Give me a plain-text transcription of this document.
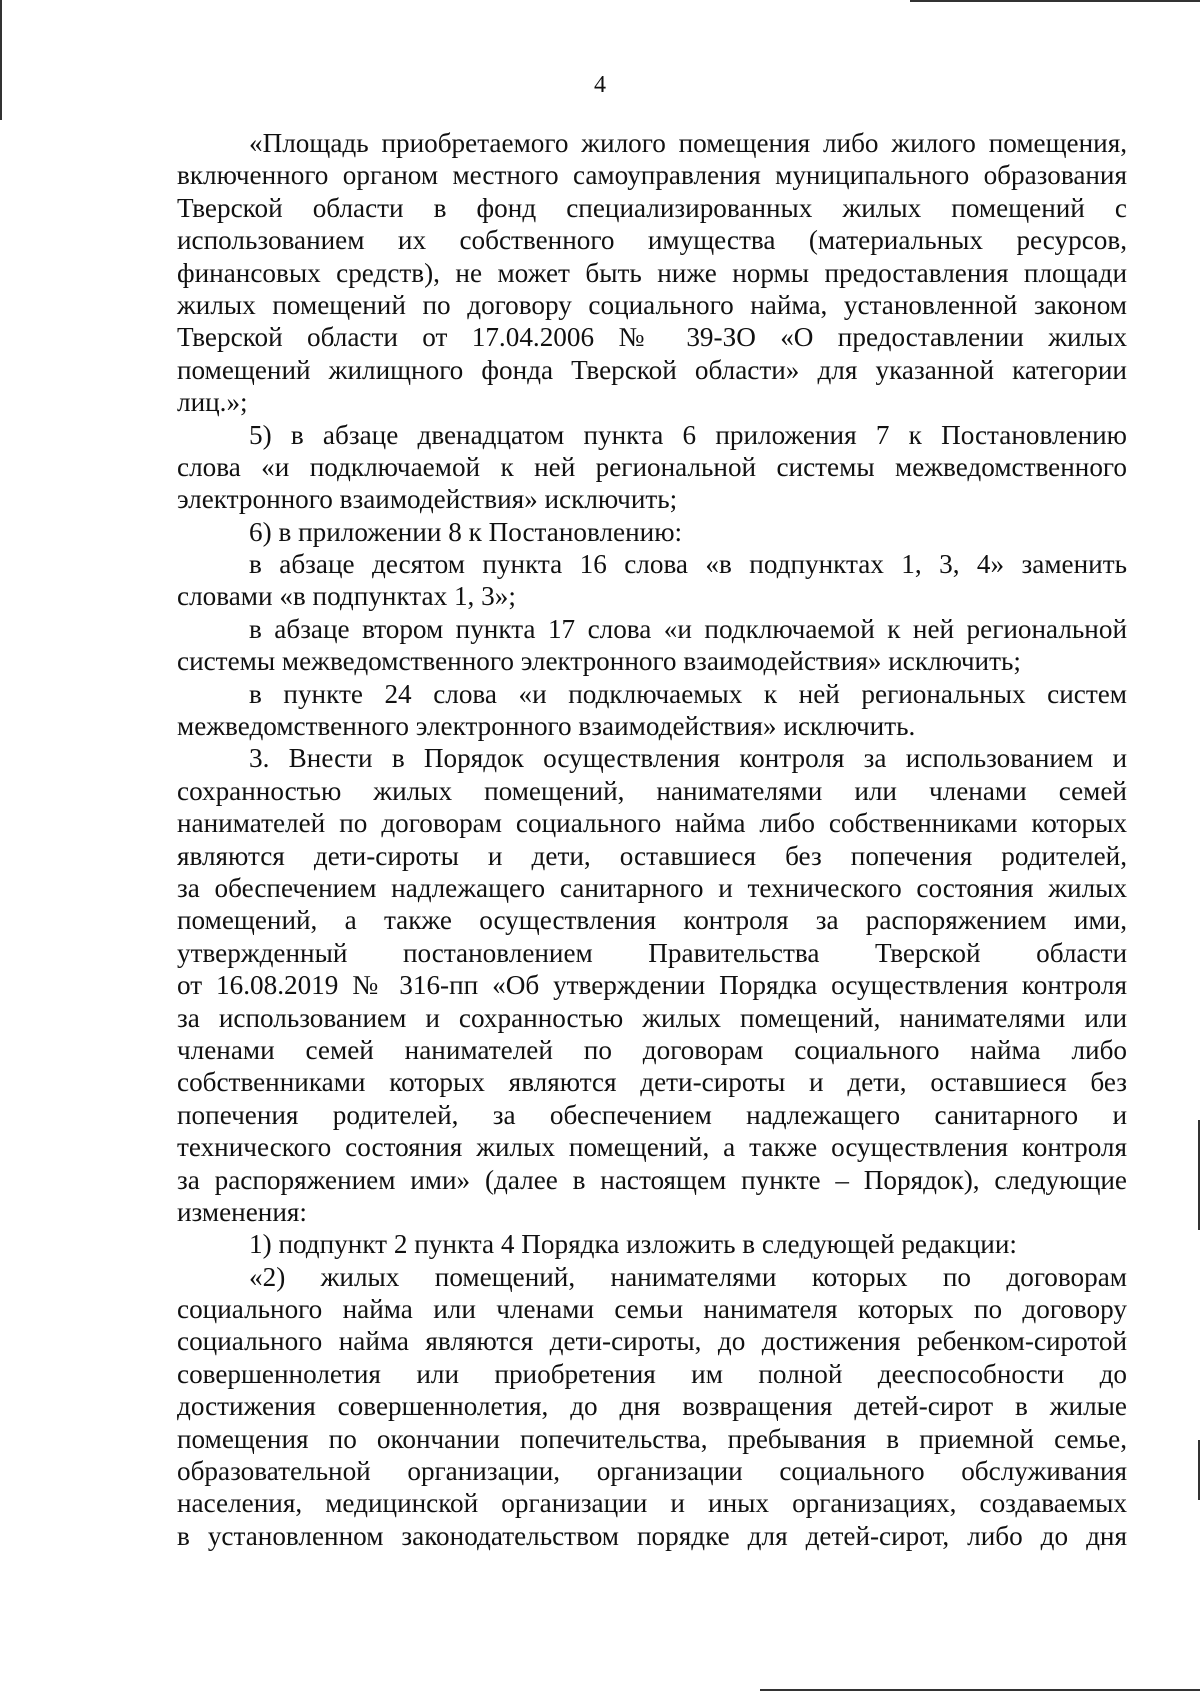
4
«Площадь приобретаемого жилого помещения либо жилого помещения,
включенного органом местного самоуправления муниципального образования
Тверской области в фонд специализированных жилых помещений с
использованием их собственного имущества (материальных ресурсов,
финансовых средств), не может быть ниже нормы предоставления площади
жилых помещений по договору социального найма, установленной законом
Тверской области от 17.04.2006 № 39-ЗО «О предоставлении жилых
помещений жилищного фонда Тверской области» для указанной категории
лиц.»;
5) в абзаце двенадцатом пункта 6 приложения 7 к Постановлению
слова «и подключаемой к ней региональной системы межведомственного
электронного взаимодействия» исключить;
6) в приложении 8 к Постановлению:
в абзаце десятом пункта 16 слова «в подпунктах 1, 3, 4» заменить
словами «в подпунктах 1, 3»;
в абзаце втором пункта 17 слова «и подключаемой к ней региональной
системы межведомственного электронного взаимодействия» исключить;
в пункте 24 слова «и подключаемых к ней региональных систем
межведомственного электронного взаимодействия» исключить.
3. Внести в Порядок осуществления контроля за использованием и
сохранностью жилых помещений, нанимателями или членами семей
нанимателей по договорам социального найма либо собственниками которых
являются дети-сироты и дети, оставшиеся без попечения родителей,
за обеспечением надлежащего санитарного и технического состояния жилых
помещений, а также осуществления контроля за распоряжением ими,
утвержденный постановлением Правительства Тверской области
от 16.08.2019 № 316-пп «Об утверждении Порядка осуществления контроля
за использованием и сохранностью жилых помещений, нанимателями или
членами семей нанимателей по договорам социального найма либо
собственниками которых являются дети-сироты и дети, оставшиеся без
попечения родителей, за обеспечением надлежащего санитарного и
технического состояния жилых помещений, а также осуществления контроля
за распоряжением ими» (далее в настоящем пункте – Порядок), следующие
изменения:
1) подпункт 2 пункта 4 Порядка изложить в следующей редакции:
«2) жилых помещений, нанимателями которых по договорам
социального найма или членами семьи нанимателя которых по договору
социального найма являются дети-сироты, до достижения ребенком-сиротой
совершеннолетия или приобретения им полной дееспособности до
достижения совершеннолетия, до дня возвращения детей-сирот в жилые
помещения по окончании попечительства, пребывания в приемной семье,
образовательной организации, организации социального обслуживания
населения, медицинской организации и иных организациях, создаваемых
в установленном законодательством порядке для детей-сирот, либо до дня
